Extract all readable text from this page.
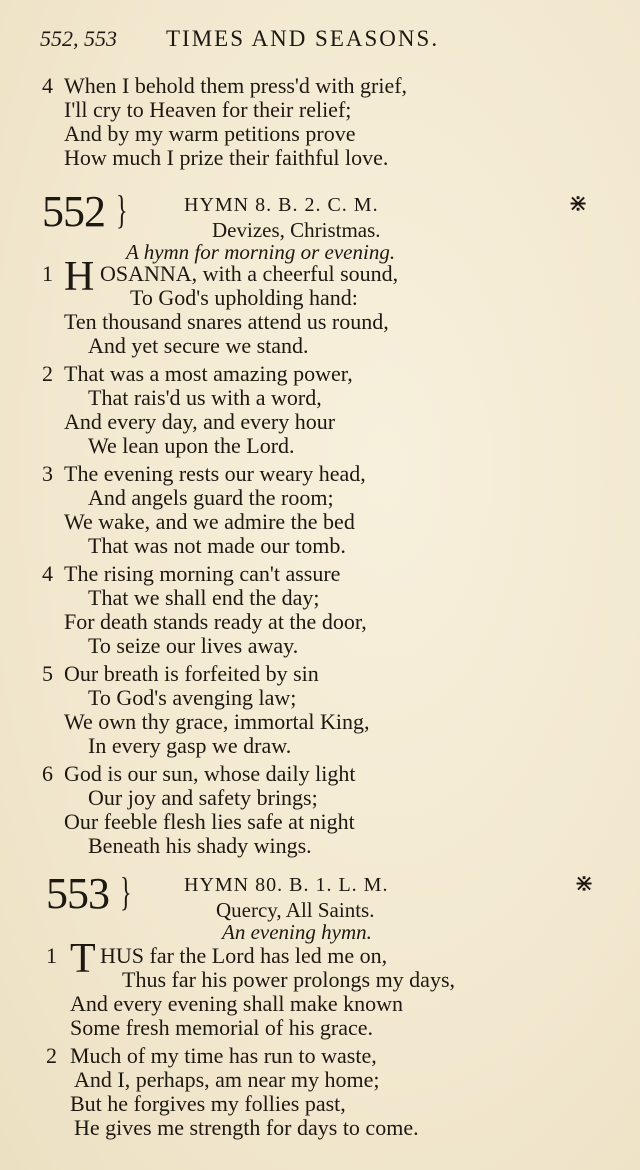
552, 553 TIMES AND SEASONS.
4 When I behold them press'd with grief,
I'll cry to Heaven for their relief;
And by my warm petitions prove
How much I prize their faithful love.
552 }	HYMN 8. B. 2. C. M.	⋇
Devizes, Christmas.
A hymn for morning or evening.
1 H OSANNA, with a cheerful sound,
To God's upholding hand:
Ten thousand snares attend us round,
And yet secure we stand.
2 That was a most amazing power,
That rais'd us with a word,
And every day, and every hour
We lean upon the Lord.
3 The evening rests our weary head,
And angels guard the room;
We wake, and we admire the bed
That was not made our tomb.
4 The rising morning can't assure
That we shall end the day;
For death stands ready at the door,
To seize our lives away.
5 Our breath is forfeited by sin
To God's avenging law;
We own thy grace, immortal King,
In every gasp we draw.
6 God is our sun, whose daily light
Our joy and safety brings;
Our feeble flesh lies safe at night
Beneath his shady wings.
553 }	HYMN 80. B. 1. L. M.	⋇
Quercy, All Saints.
An evening hymn.
1 T HUS far the Lord has led me on,
Thus far his power prolongs my days,
And every evening shall make known
Some fresh memorial of his grace.
2 Much of my time has run to waste,
And I, perhaps, am near my home;
But he forgives my follies past,
He gives me strength for days to come.
